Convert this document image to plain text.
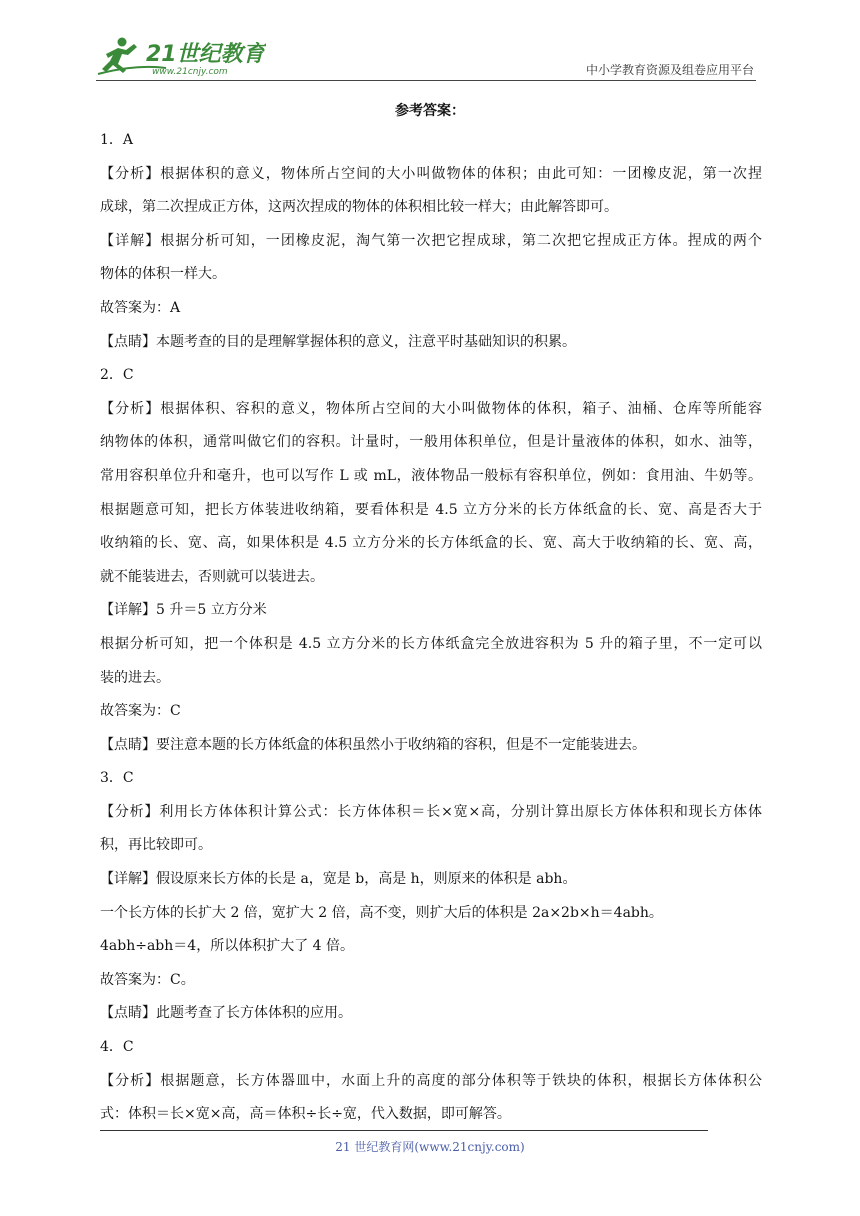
21世纪教育
www.21cnjy.com	中小学教育资源及组卷应用平台
参考答案：
1．A
【分析】根据体积的意义，物体所占空间的大小叫做物体的体积；由此可知：一团橡皮泥，第一次捏
成球，第二次捏成正方体，这两次捏成的物体的体积相比较一样大；由此解答即可。
【详解】根据分析可知，一团橡皮泥，淘气第一次把它捏成球，第二次把它捏成正方体。捏成的两个
物体的体积一样大。
故答案为：A
【点睛】本题考查的目的是理解掌握体积的意义，注意平时基础知识的积累。
2．C
【分析】根据体积、容积的意义，物体所占空间的大小叫做物体的体积，箱子、油桶、仓库等所能容
纳物体的体积，通常叫做它们的容积。计量时，一般用体积单位，但是计量液体的体积，如水、油等，
常用容积单位升和毫升，也可以写作 L 或 mL，液体物品一般标有容积单位，例如：食用油、牛奶等。
根据题意可知，把长方体装进收纳箱，要看体积是 4.5 立方分米的长方体纸盒的长、宽、高是否大于
收纳箱的长、宽、高，如果体积是 4.5 立方分米的长方体纸盒的长、宽、高大于收纳箱的长、宽、高，
就不能装进去，否则就可以装进去。
【详解】5 升＝5 立方分米
根据分析可知，把一个体积是 4.5 立方分米的长方体纸盒完全放进容积为 5 升的箱子里，不一定可以
装的进去。
故答案为：C
【点睛】要注意本题的长方体纸盒的体积虽然小于收纳箱的容积，但是不一定能装进去。
3．C
【分析】利用长方体体积计算公式：长方体体积＝长×宽×高，分别计算出原长方体体积和现长方体体
积，再比较即可。
【详解】假设原来长方体的长是 a，宽是 b，高是 h，则原来的体积是 abh。
一个长方体的长扩大 2 倍，宽扩大 2 倍，高不变，则扩大后的体积是 2a×2b×h＝4abh。
4abh÷abh＝4，所以体积扩大了 4 倍。
故答案为：C。
【点睛】此题考查了长方体体积的应用。
4．C
【分析】根据题意，长方体器皿中，水面上升的高度的部分体积等于铁块的体积，根据长方体体积公
式：体积＝长×宽×高，高＝体积÷长÷宽，代入数据，即可解答。
21 世纪教育网(www.21cnjy.com)
